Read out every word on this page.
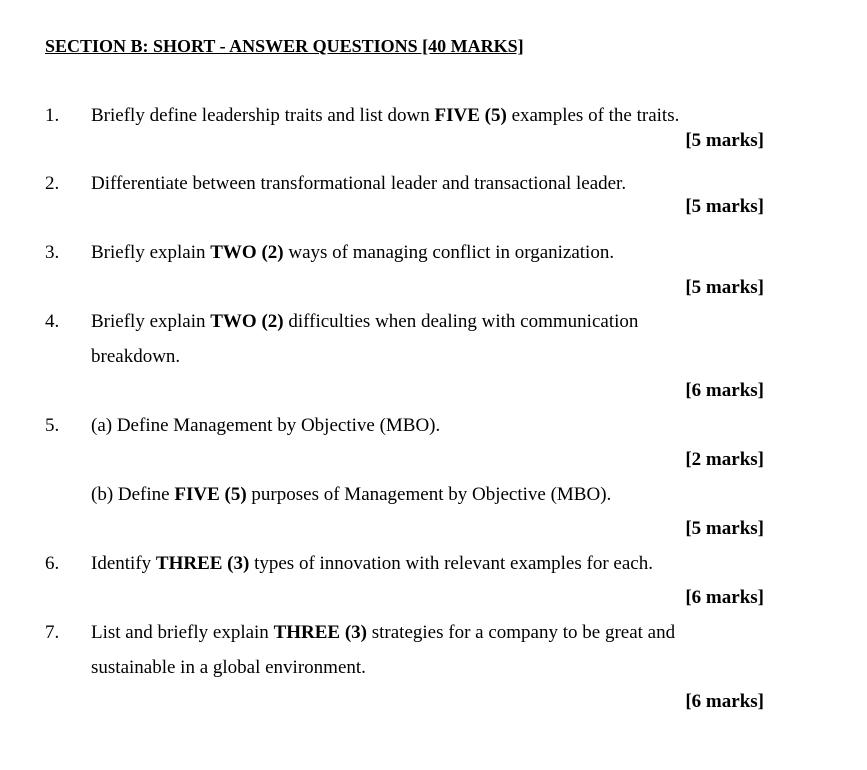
SECTION B: SHORT - ANSWER QUESTIONS [40 MARKS]
1. Briefly define leadership traits and list down FIVE (5) examples of the traits.
[5 marks]
2. Differentiate between transformational leader and transactional leader.
[5 marks]
3. Briefly explain TWO (2) ways of managing conflict in organization.
[5 marks]
4. Briefly explain TWO (2) difficulties when dealing with communication
breakdown.
[6 marks]
5. (a) Define Management by Objective (MBO).
[2 marks]
(b) Define FIVE (5) purposes of Management by Objective (MBO).
[5 marks]
6. Identify THREE (3) types of innovation with relevant examples for each.
[6 marks]
7. List and briefly explain THREE (3) strategies for a company to be great and
sustainable in a global environment.
[6 marks]
